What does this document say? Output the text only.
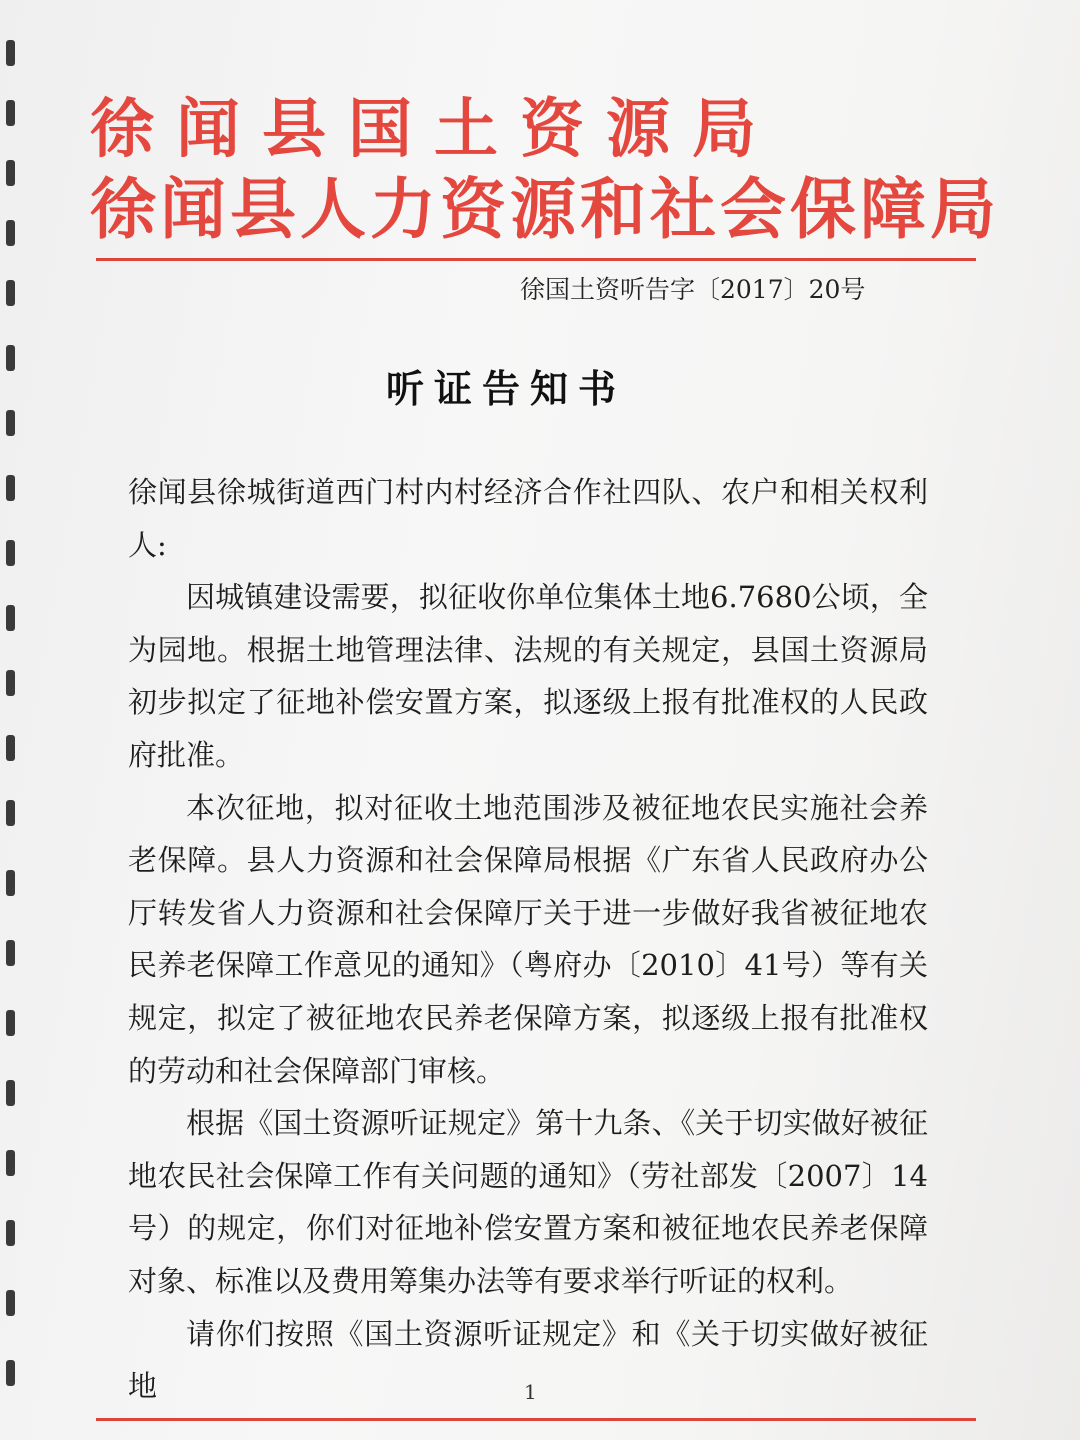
徐闻县国土资源局
徐闻县人力资源和社会保障局
徐国土资听告字〔2017〕20号
听证告知书

徐闻县徐城街道西门村内村经济合作社四队、农户和相关权利人:

因城镇建设需要，拟征收你单位集体土地6.7680公顷，全为园地。根据土地管理法律、法规的有关规定，县国土资源局初步拟定了征地补偿安置方案，拟逐级上报有批准权的人民政府批准。

本次征地，拟对征收土地范围涉及被征地农民实施社会养老保障。县人力资源和社会保障局根据《广东省人民政府办公厅转发省人力资源和社会保障厅关于进一步做好我省被征地农民养老保障工作意见的通知》（粤府办〔2010〕41号）等有关规定，拟定了被征地农民养老保障方案，拟逐级上报有批准权的劳动和社会保障部门审核。

根据《国土资源听证规定》第十九条、《关于切实做好被征地农民社会保障工作有关问题的通知》（劳社部发〔2007〕14号）的规定，你们对征地补偿安置方案和被征地农民养老保障对象、标准以及费用筹集办法等有要求举行听证的权利。

请你们按照《国土资源听证规定》和《关于切实做好被征地	1
